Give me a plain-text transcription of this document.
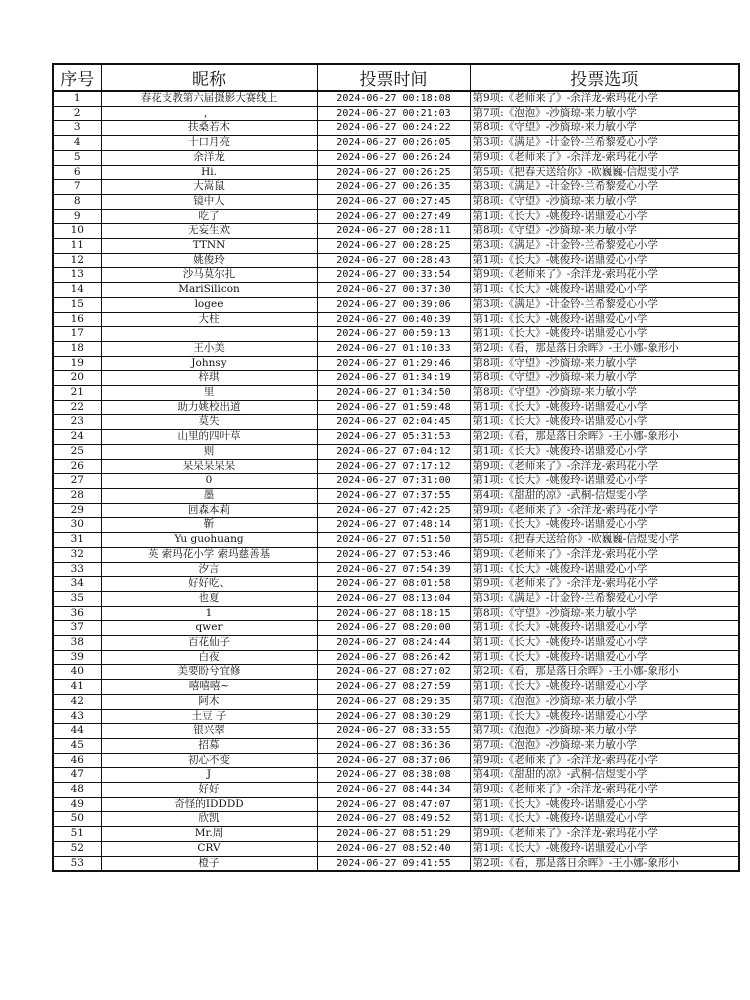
序号	昵称	投票时间	投票选项
1	春花支教第六届摄影大赛线上	2024-06-27 00:18:08	第9项:《老师来了》-余洋龙-索玛花小学
2	，	2024-06-27 00:21:03	第7项:《泡泡》-沙旖琼-来力敏小学
3	扶桑若木	2024-06-27 00:24:22	第8项:《守望》-沙旖琼-来力敏小学
4	十口月亮	2024-06-27 00:26:05	第3项:《满足》-计金铃-兰希黎爱心小学
5	余洋龙	2024-06-27 00:26:24	第9项:《老师来了》-余洋龙-索玛花小学
6	Hi.	2024-06-27 00:26:25	第5项:《把春天送给你》-欧巍巍-信煜雯小学
7	大嵩鼠	2024-06-27 00:26:35	第3项:《满足》-计金铃-兰希黎爱心小学
8	镜中人	2024-06-27 00:27:45	第8项:《守望》-沙旖琼-来力敏小学
9	吃了	2024-06-27 00:27:49	第1项:《长大》-姚俊玲-诺鼎爱心小学
10	无妄生欢	2024-06-27 00:28:11	第8项:《守望》-沙旖琼-来力敏小学
11	TTNN	2024-06-27 00:28:25	第3项:《满足》-计金铃-兰希黎爱心小学
12	姚俊玲	2024-06-27 00:28:43	第1项:《长大》-姚俊玲-诺鼎爱心小学
13	沙马莫尔扎	2024-06-27 00:33:54	第9项:《老师来了》-余洋龙-索玛花小学
14	MariSilicon	2024-06-27 00:37:30	第1项:《长大》-姚俊玲-诺鼎爱心小学
15	logee	2024-06-27 00:39:06	第3项:《满足》-计金铃-兰希黎爱心小学
16	大柱	2024-06-27 00:40:39	第1项:《长大》-姚俊玲-诺鼎爱心小学
17		2024-06-27 00:59:13	第1项:《长大》-姚俊玲-诺鼎爱心小学
18	王小美	2024-06-27 01:10:33	第2项:《看，那是落日余晖》-王小娜-象形小
19	Johnsy	2024-06-27 01:29:46	第8项:《守望》-沙旖琼-来力敏小学
20	梓琪	2024-06-27 01:34:19	第8项:《守望》-沙旖琼-来力敏小学
21	里	2024-06-27 01:34:50	第8项:《守望》-沙旖琼-来力敏小学
22	助力姚校出道	2024-06-27 01:59:48	第1项:《长大》-姚俊玲-诺鼎爱心小学
23	莫失	2024-06-27 02:04:45	第1项:《长大》-姚俊玲-诺鼎爱心小学
24	山里的四叶草	2024-06-27 05:31:53	第2项:《看，那是落日余晖》-王小娜-象形小
25	则	2024-06-27 07:04:12	第1项:《长大》-姚俊玲-诺鼎爱心小学
26	呆呆呆呆呆	2024-06-27 07:17:12	第9项:《老师来了》-余洋龙-索玛花小学
27	0	2024-06-27 07:31:00	第1项:《长大》-姚俊玲-诺鼎爱心小学
28	墨	2024-06-27 07:37:55	第4项:《甜甜的凉》-武桐-信煜雯小学
29	回森本莉	2024-06-27 07:42:25	第9项:《老师来了》-余洋龙-索玛花小学
30	靳	2024-06-27 07:48:14	第1项:《长大》-姚俊玲-诺鼎爱心小学
31	Yu guohuang	2024-06-27 07:51:50	第5项:《把春天送给你》-欧巍巍-信煜雯小学
32	英 索玛花小学 索玛慈善基	2024-06-27 07:53:46	第9项:《老师来了》-余洋龙-索玛花小学
33	汐言	2024-06-27 07:54:39	第1项:《长大》-姚俊玲-诺鼎爱心小学
34	好好吃、	2024-06-27 08:01:58	第9项:《老师来了》-余洋龙-索玛花小学
35	也夏	2024-06-27 08:13:04	第3项:《满足》-计金铃-兰希黎爱心小学
36	1	2024-06-27 08:18:15	第8项:《守望》-沙旖琼-来力敏小学
37	qwer	2024-06-27 08:20:00	第1项:《长大》-姚俊玲-诺鼎爱心小学
38	百花仙子	2024-06-27 08:24:44	第1项:《长大》-姚俊玲-诺鼎爱心小学
39	白夜	2024-06-27 08:26:42	第1项:《长大》-姚俊玲-诺鼎爱心小学
40	美要盼兮宜修	2024-06-27 08:27:02	第2项:《看，那是落日余晖》-王小娜-象形小
41	嘻嘻嘻~	2024-06-27 08:27:59	第1项:《长大》-姚俊玲-诺鼎爱心小学
42	阿木	2024-06-27 08:29:35	第7项:《泡泡》-沙旖琼-来力敏小学
43	土豆 子	2024-06-27 08:30:29	第1项:《长大》-姚俊玲-诺鼎爱心小学
44	银兴翠	2024-06-27 08:33:55	第7项:《泡泡》-沙旖琼-来力敏小学
45	招募	2024-06-27 08:36:36	第7项:《泡泡》-沙旖琼-来力敏小学
46	初心不变	2024-06-27 08:37:06	第9项:《老师来了》-余洋龙-索玛花小学
47	J	2024-06-27 08:38:08	第4项:《甜甜的凉》-武桐-信煜雯小学
48	好好	2024-06-27 08:44:34	第9项:《老师来了》-余洋龙-索玛花小学
49	奇怪的IDDDD	2024-06-27 08:47:07	第1项:《长大》-姚俊玲-诺鼎爱心小学
50	欣凯	2024-06-27 08:49:52	第1项:《长大》-姚俊玲-诺鼎爱心小学
51	Mr.周	2024-06-27 08:51:29	第9项:《老师来了》-余洋龙-索玛花小学
52	CRV	2024-06-27 08:52:40	第1项:《长大》-姚俊玲-诺鼎爱心小学
53	橙子	2024-06-27 09:41:55	第2项:《看，那是落日余晖》-王小娜-象形小
